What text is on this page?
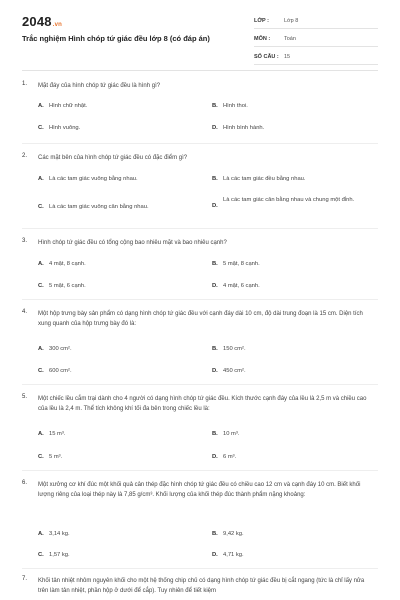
2048.vn
Trắc nghiệm Hình chóp tứ giác đều lớp 8 (có đáp án)
LỚP :	Lớp 8
MÔN :	Toán
SỐ CÂU : 15
1. Mặt đáy của hình chóp tứ giác đều là hình gì?
A. Hình chữ nhật.	B. Hình thoi.
C. Hình vuông.	D. Hình bình hành.
2. Các mặt bên của hình chóp tứ giác đều có đặc điểm gì?
A. Là các tam giác vuông bằng nhau.	B. Là các tam giác đều bằng nhau.
C. Là các tam giác vuông cân bằng nhau.	D.Là các tam giác cân bằng nhau và chung một đỉnh.
3. Hình chóp tứ giác đều có tổng cộng bao nhiêu mặt và bao nhiêu cạnh?
A. 4 mặt, 8 cạnh.	B. 5 mặt, 8 cạnh.
C. 5 mặt, 6 cạnh.	D. 4 mặt, 6 cạnh.
4. Một hộp trưng bày sản phẩm có dạng hình chóp tứ giác đều với cạnh đáy dài 10 cm, độ dài trung đoạn là 15 cm. Diện tích xung quanh của hộp trưng bày đó là:
A. 300 cm².	B. 150 cm².
C. 600 cm².	D. 450 cm².
5. Một chiếc lều cắm trại dành cho 4 người có dạng hình chóp tứ giác đều. Kích thước cạnh đáy của lều là 2,5 m và chiều cao của lều là 2,4 m. Thể tích không khí tối đa bên trong chiếc lều là:
A. 15 m³.	B. 10 m³.
C. 5 m³.	D. 6 m³.
6. Một xưởng cơ khí đúc một khối quả cân thép đặc hình chóp tứ giác đều có chiều cao 12 cm và cạnh đáy 10 cm. Biết khối lượng riêng của loại thép này là 7,85 g/cm³. Khối lượng của khối thép đúc thành phẩm nặng khoảng:
A. 3,14 kg.	B. 9,42 kg.
C. 1,57 kg.	D. 4,71 kg.
7. Khối tản nhiệt nhôm nguyên khối cho một hệ thống chip chủ có dạng hình chóp tứ giác đều bị cắt ngang (tức là chỉ lấy nửa trên làm tản nhiệt, phần hộp ở dưới để cắp). Tuy nhiên để tiết kiệm
